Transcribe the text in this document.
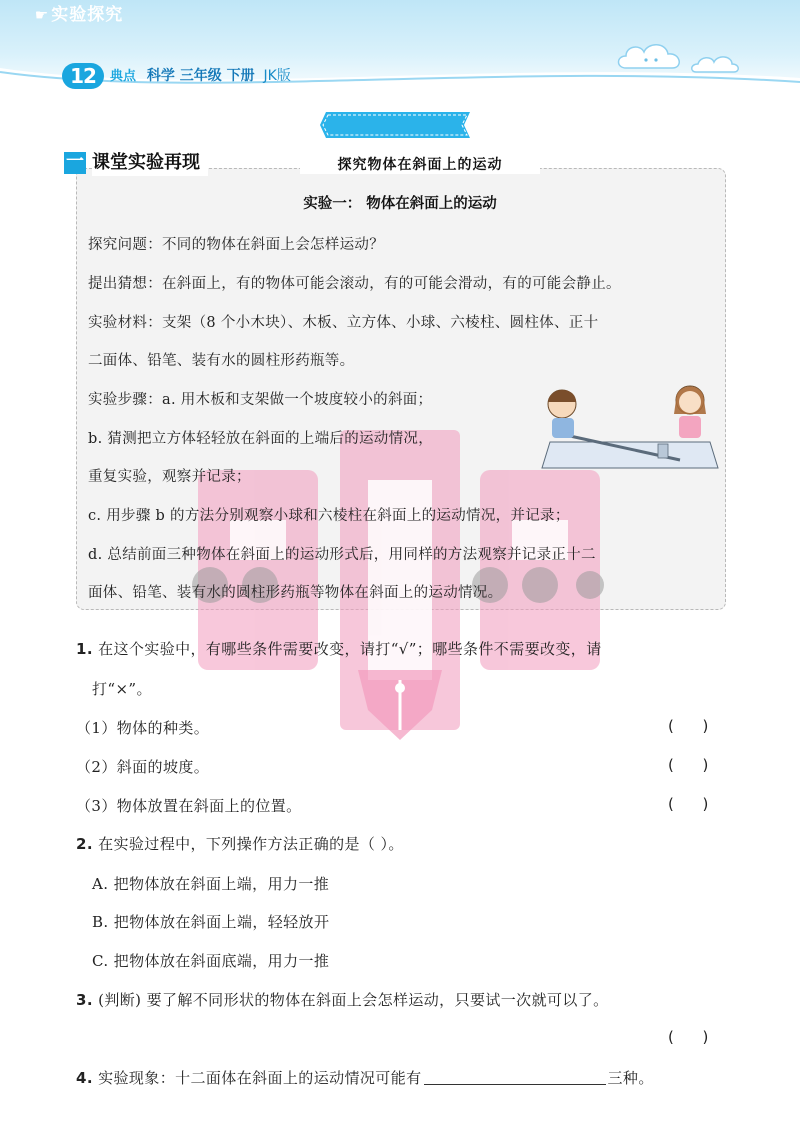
12	典点 科学 三年级 下册 JK版
☛ 实验探究
一 课堂实验再现	探究物体在斜面上的运动
实验一： 物体在斜面上的运动
探究问题：不同的物体在斜面上会怎样运动？
提出猜想：在斜面上，有的物体可能会滚动，有的可能会滑动，有的可能会静止。
实验材料：支架（8 个小木块）、木板、立方体、小球、六棱柱、圆柱体、正十
二面体、铅笔、装有水的圆柱形药瓶等。
实验步骤：a. 用木板和支架做一个坡度较小的斜面；
b. 猜测把立方体轻轻放在斜面的上端后的运动情况，
重复实验，观察并记录；
c. 用步骤 b 的方法分别观察小球和六棱柱在斜面上的运动情况，并记录；
d. 总结前面三种物体在斜面上的运动形式后，用同样的方法观察并记录正十二
面体、铅笔、装有水的圆柱形药瓶等物体在斜面上的运动情况。
1. 在这个实验中，有哪些条件需要改变，请打“√”；哪些条件不需要改变，请
打“×”。
（1）物体的种类。	(      )
（2）斜面的坡度。	(      )
（3）物体放置在斜面上的位置。	(      )
2. 在实验过程中，下列操作方法正确的是（ ）。
A. 把物体放在斜面上端，用力一推
B. 把物体放在斜面上端，轻轻放开
C. 把物体放在斜面底端，用力一推
3. (判断) 要了解不同形状的物体在斜面上会怎样运动，只要试一次就可以了。
(      )
4. 实验现象：十二面体在斜面上的运动情况可能有	三种。
